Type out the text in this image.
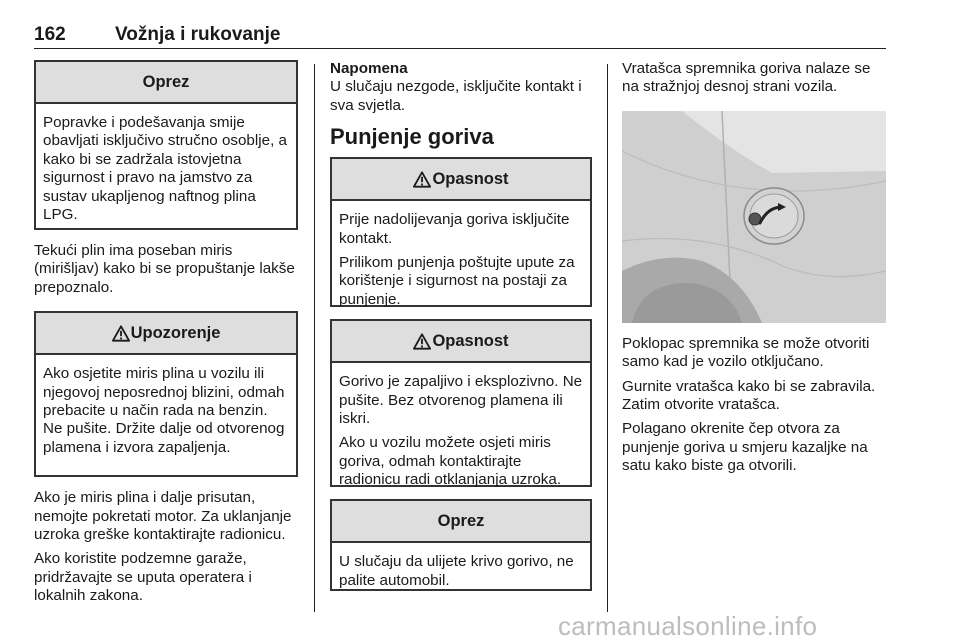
162	Vožnja i rukovanje
Oprez

Popravke i podešavanja smije obavljati isključivo stručno osoblje, a kako bi se zadržala istovjetna sigurnost i pravo na jamstvo za sustav ukapljenog naftnog plina LPG.

Tekući plin ima poseban miris (mirišljav) kako bi se propuštanje lakše prepoznalo.

Upozorenje

Ako osjetite miris plina u vozilu ili njegovoj neposrednoj blizini, odmah prebacite u način rada na benzin. Ne pušite. Držite dalje od otvorenog plamena i izvora zapaljenja.

Ako je miris plina i dalje prisutan, nemojte pokretati motor. Za uklanjanje uzroka greške kontaktirajte radionicu.

Ako koristite podzemne garaže, pridržavajte se uputa operatera i lokalnih zakona.

Napomena

U slučaju nezgode, isključite kontakt i sva svjetla.

Punjenje goriva
Opasnost

Prije nadolijevanja goriva isključite kontakt.

Prilikom punjenja poštujte upute za korištenje i sigurnost na postaji za punjenje.

Opasnost

Gorivo je zapaljivo i eksplozivno. Ne pušite. Bez otvorenog plamena ili iskri.

Ako u vozilu možete osjeti miris goriva, odmah kontaktirajte radionicu radi otklanjanja uzroka.

Oprez

U slučaju da ulijete krivo gorivo, ne palite automobil.

Vratašca spremnika goriva nalaze se na stražnjoj desnoj strani vozila.

Poklopac spremnika se može otvoriti samo kad je vozilo otključano.

Gurnite vratašca kako bi se zabravila. Zatim otvorite vratašca.

Polagano okrenite čep otvora za punjenje goriva u smjeru kazaljke na satu kako biste ga otvorili.

carmanualsonline.info
